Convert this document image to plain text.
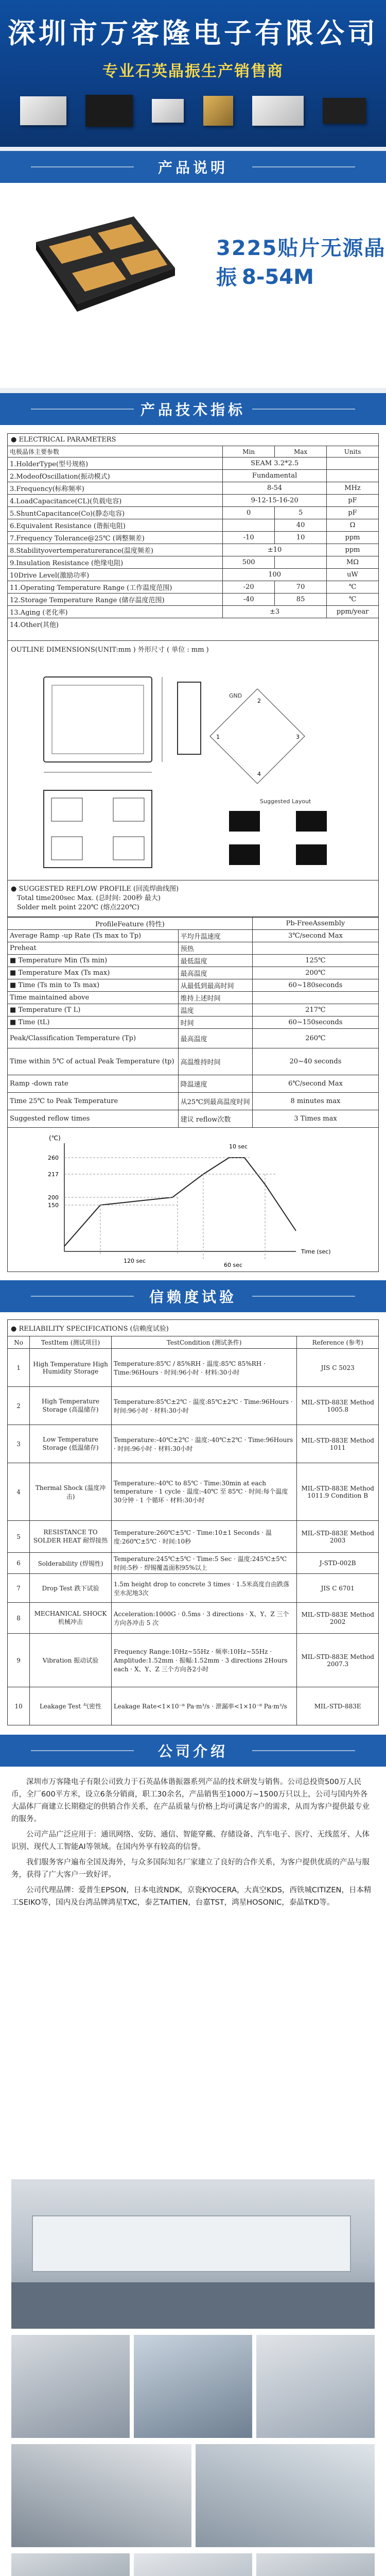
深圳市万客隆电子有限公司
专业石英晶振生产销售商
产品说明
3225贴片无源晶振 8-54M
产品技术指标
● ELECTRICAL PARAMETERS
电极晶体主要参数	Min	Max	Units
1.HolderType(型号规格)	SEAM 3.2*2.5		
2.ModeofOscillation(振动模式)	Fundamental		
3.Frequency(标称频率)	8-54		MHz
4.LoadCapacitance(CL)(负载电容)	9-12-15-16-20		pF
5.ShuntCapacitance(Co)(静态电容)	0	5	pF
6.Equivalent Resistance (谐振电阻)		40	Ω
7.Frequency Tolerance@25℃ (调整频差)	-10	10	ppm
8.Stabilityovertemperaturerance(温度频差)	±10		ppm
9.Insulation Resistance (绝缘电阻)	500		MΩ
10Drive Level(激励功率)	100		uW
11.Operating Temperature Range (工作温度范围)	-20	70	℃
12.Storage Temperature Range (储存温度范围)	-40	85	℃
13.Aging (老化率)	±3		ppm/year
14.Other(其他)			
OUTLINE DIMENSIONS(UNIT:mm ) 外形尺寸 ( 单位 : mm )
Suggested Layout
GND
1
2
3
4
● SUGGESTED REFLOW PROFILE (回流焊曲线图)
Total time200sec Max. (总时间: 200秒 最大)
Solder melt point 220℃ (熔点220℃)
ProfileFeature (特性)		Pb-FreeAssembly
Average Ramp -up Rate (Ts max to Tp)	平均升温速度	3℃/second Max
Preheat	预热	
■ Temperature Min (Ts min)	最低温度	125℃
■ Temperature Max (Ts max)	最高温度	200℃
■ Time (Ts min to Ts max)	从最低到最高时间	60~180seconds
Time maintained above	维持上述时间	
■ Temperature (T L)	温度	217℃
■ Time (tL)	时间	60~150seconds
Peak/Classification Temperature (Tp)	最高温度	260℃
Time within 5℃ of actual Peak Temperature (tp)	高温维持时间	20~40 seconds
Ramp -down rate	降温速度	6℃/second Max
Time 25℃ to Peak Temperature	从25℃到最高温度时间	8 minutes max
Suggested reflow times	建议 reflow次数	3 Times max
(℃)
260
217
200
150
10 sec
Time (sec)
120 sec
60 sec
信赖度试验
● RELIABILITY SPECIFICATIONS (信赖度试验)
No	TestItem (测试项目)	TestCondition (测试条件)	Reference (参考)
1	High Temperature High Humidity Storage	Temperature:85℃ / 85%RH · 温度:85℃ 85%RH · Time:96Hours · 时间:96小时 · 材料:30小时	JIS C 5023
2	High Temperature Storage (高温储存)	Temperature:85℃±2℃ · 温度:85℃±2℃ · Time:96Hours · 时间:96小时 · 材料:30小时	MIL-STD-883E Method 1005.8
3	Low Temperature Storage (低温储存)	Temperature:-40℃±2℃ · 温度:-40℃±2℃ · Time:96Hours · 时间:96小时 · 材料:30小时	MIL-STD-883E Method 1011
4	Thermal Shock (温度冲击)	Temperature:-40℃ to 85℃ · Time:30min at each temperature · 1 cycle · 温度:-40℃ 至 85℃ · 时间:每个温度30分钟 · 1 个循环 · 材料:30小时	MIL-STD-883E Method 1011.9 Condition B
5	RESISTANCE TO SOLDER HEAT 耐焊接热	Temperature:260℃±5℃ · Time:10±1 Seconds · 温度:260℃±5℃ · 时间:10秒	MIL-STD-883E Method 2003
6	Solderability (焊锡性)	Temperature:245℃±5℃ · Time:5 Sec · 温度:245℃±5℃ 时间:5秒 · 焊锡覆盖面积95%以上	J-STD-002B
7	Drop Test 跌下试验	1.5m height drop to concrete 3 times · 1.5米高度自由跌落至水泥地3次	JIS C 6701
8	MECHANICAL SHOCK 机械冲击	Acceleration:1000G · 0.5ms · 3 directions · X、Y、Z 三个方向各冲击 5 次	MIL-STD-883E Method 2002
9	Vibration 振动试验	Frequency Range:10Hz~55Hz · 频率:10Hz~55Hz · Amplitude:1.52mm · 振幅:1.52mm · 3 directions 2Hours each · X、Y、Z 三个方向各2小时	MIL-STD-883E Method 2007.3
10	Leakage Test 气密性	Leakage Rate<1×10⁻⁸ Pa·m³/s · 泄漏率<1×10⁻⁸ Pa·m³/s	MIL-STD-883E
公司介绍

深圳市万客隆电子有限公司致力于石英晶体谐振器系列产品的技术研发与销售。公司总投资500万人民币，全厂600平方米，设立6条分销商，职工30余名，产品销售至1000万~1500万只以上，公司与国内外各大晶体厂商建立长期稳定的供销合作关系，在产品质量与价格上均可满足客户的需求，从而为客户提供最专业的服务。

公司产品广泛应用于：通讯网络、安防、通信、智能穿戴、存储设备、汽车电子、医疗、无线蓝牙、人体识别、现代人工智能AI等领域。在国内外享有较高的信誉。

我们服务客户遍布全国及海外，与众多国际知名厂家建立了良好的合作关系，为客户提供优质的产品与服务，获得了广大客户一致好评。

公司代理品牌：爱普生EPSON，日本电波NDK，京瓷KYOCERA，大真空KDS，西铁城CITIZEN，日本精工SEIKO等，国内及台湾品牌鸿星TXC，泰艺TAITIEN，台嘉TST，鸿星HOSONIC，泰晶TKD等。
